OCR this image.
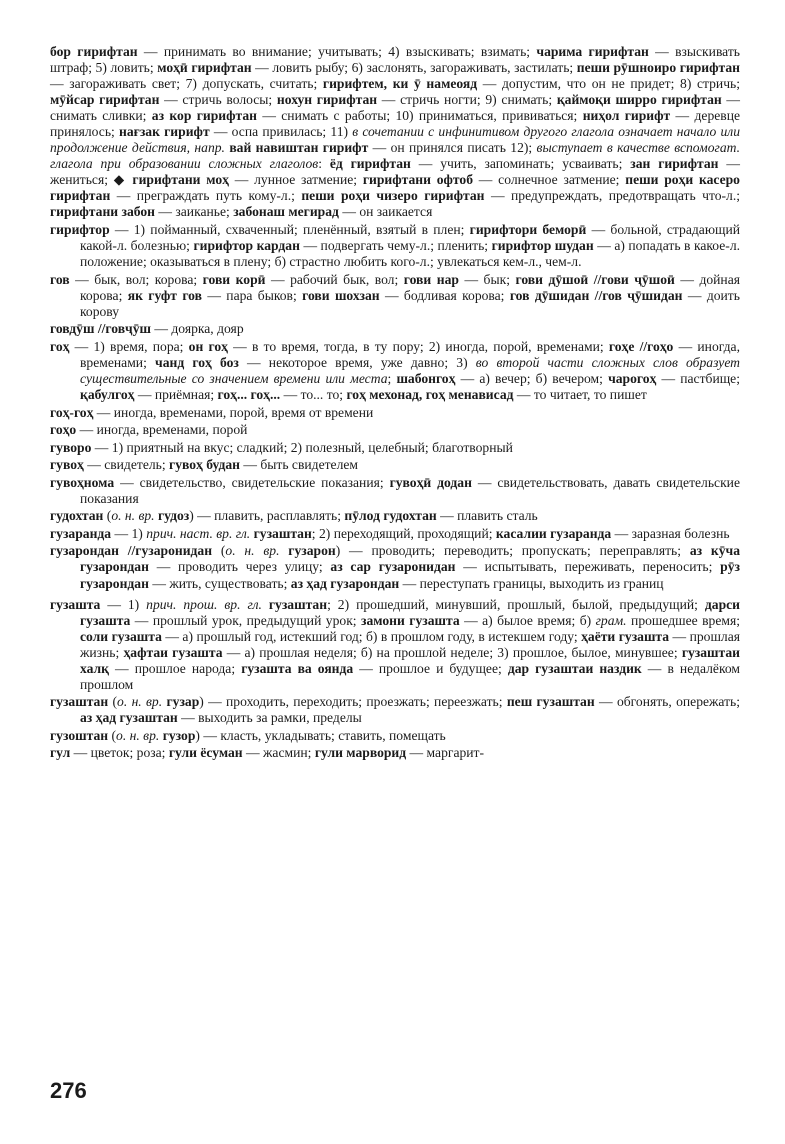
бор гирифтан — принимать во внимание; учитывать; 4) взыскивать; взимать; чарима гирифтан — взыскивать штраф; 5) ловить; моҳӣ гирифтан — ловить рыбу; 6) заслонять, загораживать, застилать; пеши рӯшноиро гирифтан — загораживать свет; 7) допускать, считать; гирифтем, ки ӯ намеояд — допустим, что он не придет; 8) стричь; мӯйсар гирифтан — стричь волосы; нохун гирифтан — стричь ногти; 9) снимать; қаймоқи ширро гирифтан — снимать сливки; аз кор гирифтан — снимать с работы; 10) приниматься, прививаться; ниҳол гирифт — деревце принялось; нағзак гирифт — оспа привилась; 11) в сочетании с инфинитивом другого глагола означает начало или продолжение действия, напр. вай навиштан гирифт — он принялся писать 12); выступает в качестве вспомогат. глагола при образовании сложных глаголов: ёд гирифтан — учить, запоминать; усваивать; зан гирифтан — жениться; ◆ гирифтани моҳ — лунное затмение; гирифтани офтоб — солнечное затмение; пеши роҳи касеро гирифтан — преграждать путь кому-л.; пеши роҳи чизеро гирифтан — предупреждать, предотвращать что-л.; гирифтани забон — заиканье; забонаш мегирад — он заикается

гирифтор — 1) пойманный, схваченный; пленённый, взятый в плен; гирифтори беморӣ — больной, страдающий какой-л. болезнью; гирифтор кардан — подвергать чему-л.; пленить; гирифтор шудан — а) попадать в какое-л. положение; оказываться в плену; б) страстно любить кого-л.; увлекаться кем-л., чем-л.

гов — бык, вол; корова; гови корӣ — рабочий бык, вол; гови нар — бык; гови дӯшоӣ //гови ҷӯшоӣ — дойная корова; як гуфт гов — пара быков; гови шохзан — бодливая корова; гов дӯшидан //гов ҷӯшидан — доить корову

говдӯш //говҷӯш — доярка, дояр

гоҳ — 1) время, пора; он гоҳ — в то время, тогда, в ту пору; 2) иногда, порой, временами; гоҳе //гоҳо — иногда, временами; чанд гоҳ боз — некоторое время, уже давно; 3) во второй части сложных слов образует существительные со значением времени или места; шабонгоҳ — а) вечер; б) вечером; чарогоҳ — пастбище; қабулгоҳ — приёмная; гоҳ... гоҳ... — то... то; гоҳ мехонад, гоҳ менависад — то читает, то пишет

гоҳ-гоҳ — иногда, временами, порой, время от времени

гоҳо — иногда, временами, порой

гуворо — 1) приятный на вкус; сладкий; 2) полезный, целебный; благотворный

гувоҳ — свидетель; гувоҳ будан — быть свидетелем

гувоҳнома — свидетельство, свидетельские показания; гувоҳӣ додан — свидетельствовать, давать свидетельские показания

гудохтан (о. н. вр. гудоз) — плавить, расплавлять; пӯлод гудохтан — плавить сталь

гузаранда — 1) прич. наст. вр. гл. гузаштан; 2) переходящий, проходящий; касалии гузаранда — заразная болезнь

гузарондан //гузаронидан (о. н. вр. гузарон) — проводить; переводить; пропускать; переправлять; аз кӯча гузарондан — проводить через улицу; аз сар гузаронидан — испытывать, переживать, переносить; рӯз гузарондан — жить, существовать; аз ҳад гузарондан — переступать границы, выходить из границ

гузашта — 1) прич. прош. вр. гл. гузаштан; 2) прошедший, минувший, прошлый, былой, предыдущий; дарси гузашта — прошлый урок, предыдущий урок; замони гузашта — а) былое время; б) грам. прошедшее время; соли гузашта — а) прошлый год, истекший год; б) в прошлом году, в истекшем году; ҳаёти гузашта — прошлая жизнь; ҳафтаи гузашта — а) прошлая неделя; б) на прошлой неделе; 3) прошлое, былое, минувшее; гузаштаи халқ — прошлое народа; гузашта ва оянда — прошлое и будущее; дар гузаштаи наздик — в недалёком прошлом

гузаштан (о. н. вр. гузар) — проходить, переходить; проезжать; переезжать; пеш гузаштан — обгонять, опережать; аз ҳад гузаштан — выходить за рамки, пределы

гузоштан (о. н. вр. гузор) — класть, укладывать; ставить, помещать

гул — цветок; роза; гули ёсуман — жасмин; гули марворид — маргарит-

276
